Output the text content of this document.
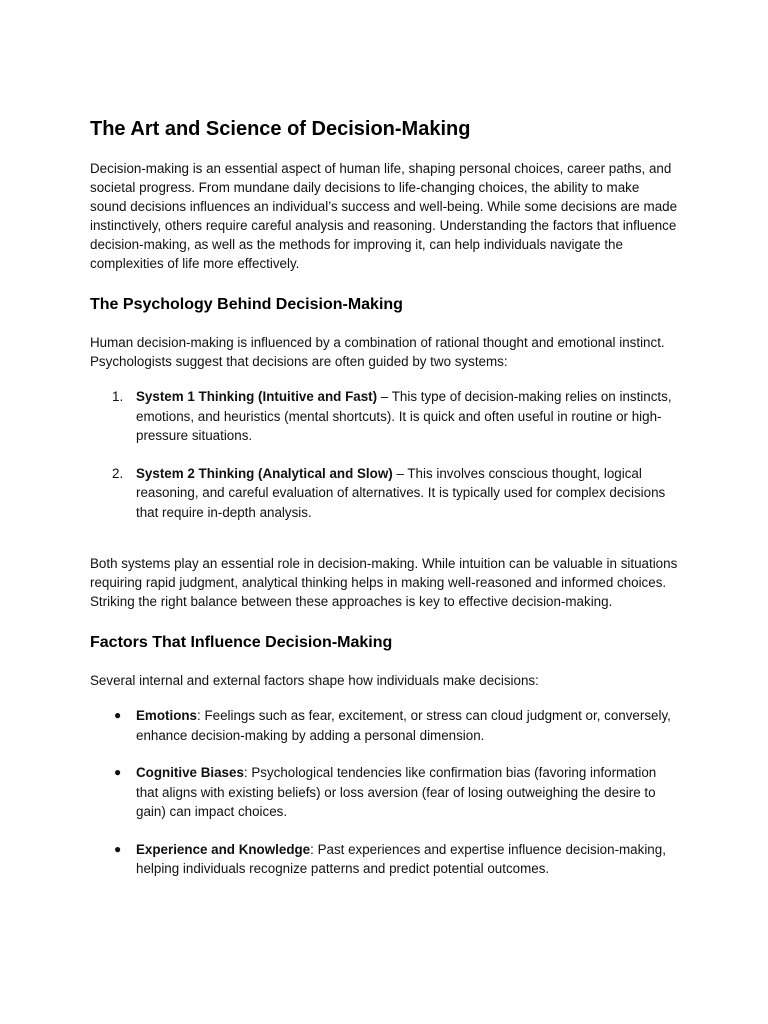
The Art and Science of Decision-Making

Decision-making is an essential aspect of human life, shaping personal choices, career paths, and societal progress. From mundane daily decisions to life-changing choices, the ability to make sound decisions influences an individual’s success and well-being. While some decisions are made instinctively, others require careful analysis and reasoning. Understanding the factors that influence decision-making, as well as the methods for improving it, can help individuals navigate the complexities of life more effectively.

The Psychology Behind Decision-Making

Human decision-making is influenced by a combination of rational thought and emotional instinct. Psychologists suggest that decisions are often guided by two systems:

1. System 1 Thinking (Intuitive and Fast) – This type of decision-making relies on instincts, emotions, and heuristics (mental shortcuts). It is quick and often useful in routine or high-pressure situations.
2. System 2 Thinking (Analytical and Slow) – This involves conscious thought, logical reasoning, and careful evaluation of alternatives. It is typically used for complex decisions that require in-depth analysis.

Both systems play an essential role in decision-making. While intuition can be valuable in situations requiring rapid judgment, analytical thinking helps in making well-reasoned and informed choices. Striking the right balance between these approaches is key to effective decision-making.

Factors That Influence Decision-Making

Several internal and external factors shape how individuals make decisions:

● Emotions: Feelings such as fear, excitement, or stress can cloud judgment or, conversely, enhance decision-making by adding a personal dimension.
● Cognitive Biases: Psychological tendencies like confirmation bias (favoring information that aligns with existing beliefs) or loss aversion (fear of losing outweighing the desire to gain) can impact choices.
● Experience and Knowledge: Past experiences and expertise influence decision-making, helping individuals recognize patterns and predict potential outcomes.
